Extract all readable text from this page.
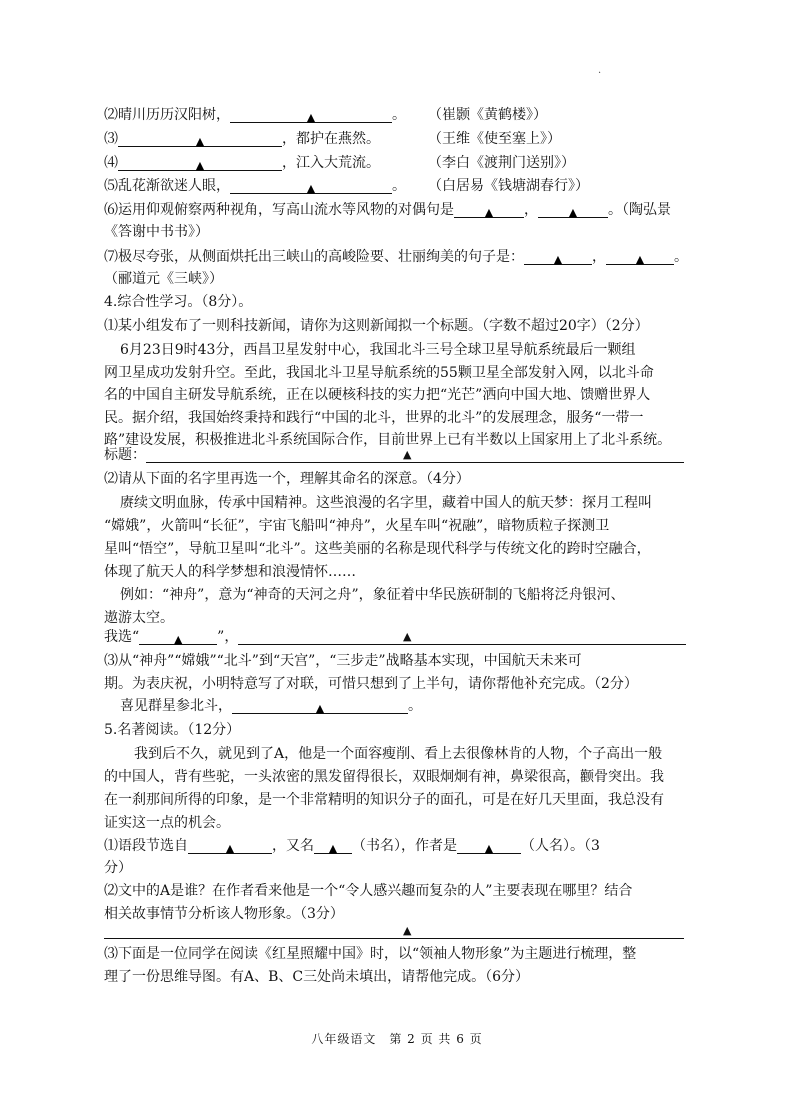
·
⑵晴川历历汉阳树，	▲	。 （崔颢《黄鹤楼》）
⑶	▲	，都护在燕然。	（王维《使至塞上》）
⑷	▲	，江入大荒流。	（李白《渡荆门送别》）
⑸乱花渐欲迷人眼，	▲	。 （白居易《钱塘湖春行》）
⑹运用仰观俯察两种视角，写高山流水等风物的对偶句是	▲ ，	▲ 。（陶弘景
《答谢中书书》）
⑺极尽夸张，从侧面烘托出三峡山的高峻险要、壮丽绚美的句子是：	▲ ，	▲ 。
（郦道元《三峡》）
4.综合性学习。（8分）。
⑴某小组发布了一则科技新闻，请你为这则新闻拟一个标题。（字数不超过20字）（2分）
6月23日9时43分，西昌卫星发射中心，我国北斗三号全球卫星导航系统最后一颗组
网卫星成功发射升空。至此，我国北斗卫星导航系统的55颗卫星全部发射入网，以北斗命
名的中国自主研发导航系统，正在以硬核科技的实力把“光芒”洒向中国大地、馈赠世界人
民。据介绍，我国始终秉持和践行“中国的北斗，世界的北斗”的发展理念，服务“一带一
路”建设发展，积极推进北斗系统国际合作，目前世界上已有半数以上国家用上了北斗系统。
标题：	▲
⑵请从下面的名字里再选一个，理解其命名的深意。（4分）
赓续文明血脉，传承中国精神。这些浪漫的名字里，藏着中国人的航天梦：探月工程叫
“嫦娥”，火箭叫“长征”，宇宙飞船叫“神舟”，火星车叫“祝融”，暗物质粒子探测卫
星叫“悟空”，导航卫星叫“北斗”。这些美丽的名称是现代科学与传统文化的跨时空融合，
体现了航天人的科学梦想和浪漫情怀……
例如：“神舟”，意为“神奇的天河之舟”，象征着中华民族研制的飞船将泛舟银河、
遨游太空。
我选“	▲ ”，	▲
⑶从“神舟”“嫦娥”“北斗”到“天宫”，“三步走”战略基本实现，中国航天未来可
期。为表庆祝，小明特意写了对联，可惜只想到了上半句，请你帮他补充完成。（2分）
喜见群星参北斗，	▲	。
5.名著阅读。（12分）
我到后不久，就见到了A，他是一个面容瘦削、看上去很像林肯的人物，个子高出一般
的中国人，背有些驼，一头浓密的黑发留得很长，双眼炯炯有神，鼻梁很高，颧骨突出。我
在一刹那间所得的印象，是一个非常精明的知识分子的面孔，可是在好几天里面，我总没有
证实这一点的机会。
⑴语段节选自	▲	，又名 ▲ （书名），作者是	▲ （人名）。（3
分）
⑵文中的A是谁？在作者看来他是一个“令人感兴趣而复杂的人”主要表现在哪里？结合
相关故事情节分析该人物形象。（3分）
▲
⑶下面是一位同学在阅读《红星照耀中国》时，以“领袖人物形象”为主题进行梳理，整
理了一份思维导图。有A、B、C三处尚未填出，请帮他完成。（6分）
八年级语文　第 2 页 共 6 页
